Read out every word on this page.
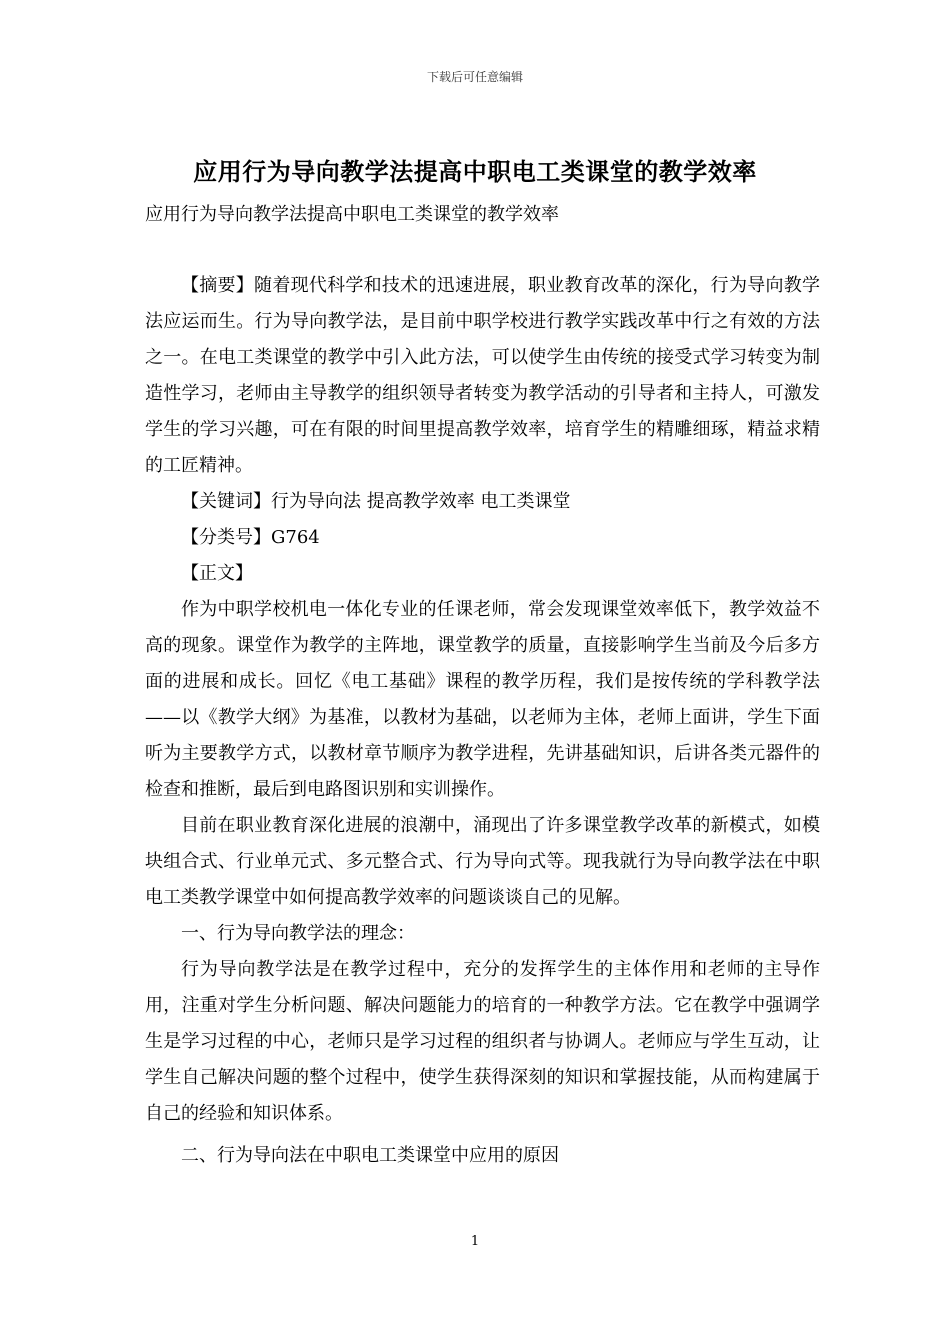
下载后可任意编辑
应用行为导向教学法提高中职电工类课堂的教学效率
应用行为导向教学法提高中职电工类课堂的教学效率

【摘要】随着现代科学和技术的迅速进展，职业教育改革的深化，行为导向教学法应运而生。行为导向教学法，是目前中职学校进行教学实践改革中行之有效的方法之一。在电工类课堂的教学中引入此方法，可以使学生由传统的接受式学习转变为制造性学习，老师由主导教学的组织领导者转变为教学活动的引导者和主持人，可激发学生的学习兴趣，可在有限的时间里提高教学效率，培育学生的精雕细琢，精益求精的工匠精神。

【关键词】行为导向法 提高教学效率 电工类课堂

【分类号】G764

【正文】

作为中职学校机电一体化专业的任课老师，常会发现课堂效率低下，教学效益不高的现象。课堂作为教学的主阵地，课堂教学的质量，直接影响学生当前及今后多方面的进展和成长。回忆《电工基础》课程的教学历程，我们是按传统的学科教学法——以《教学大纲》为基准，以教材为基础，以老师为主体，老师上面讲，学生下面听为主要教学方式，以教材章节顺序为教学进程，先讲基础知识，后讲各类元器件的检查和推断，最后到电路图识别和实训操作。

目前在职业教育深化进展的浪潮中，涌现出了许多课堂教学改革的新模式，如模块组合式、行业单元式、多元整合式、行为导向式等。现我就行为导向教学法在中职电工类教学课堂中如何提高教学效率的问题谈谈自己的见解。

一、行为导向教学法的理念：

行为导向教学法是在教学过程中，充分的发挥学生的主体作用和老师的主导作用，注重对学生分析问题、解决问题能力的培育的一种教学方法。它在教学中强调学生是学习过程的中心，老师只是学习过程的组织者与协调人。老师应与学生互动，让学生自己解决问题的整个过程中，使学生获得深刻的知识和掌握技能，从而构建属于自己的经验和知识体系。

二、行为导向法在中职电工类课堂中应用的原因

1
